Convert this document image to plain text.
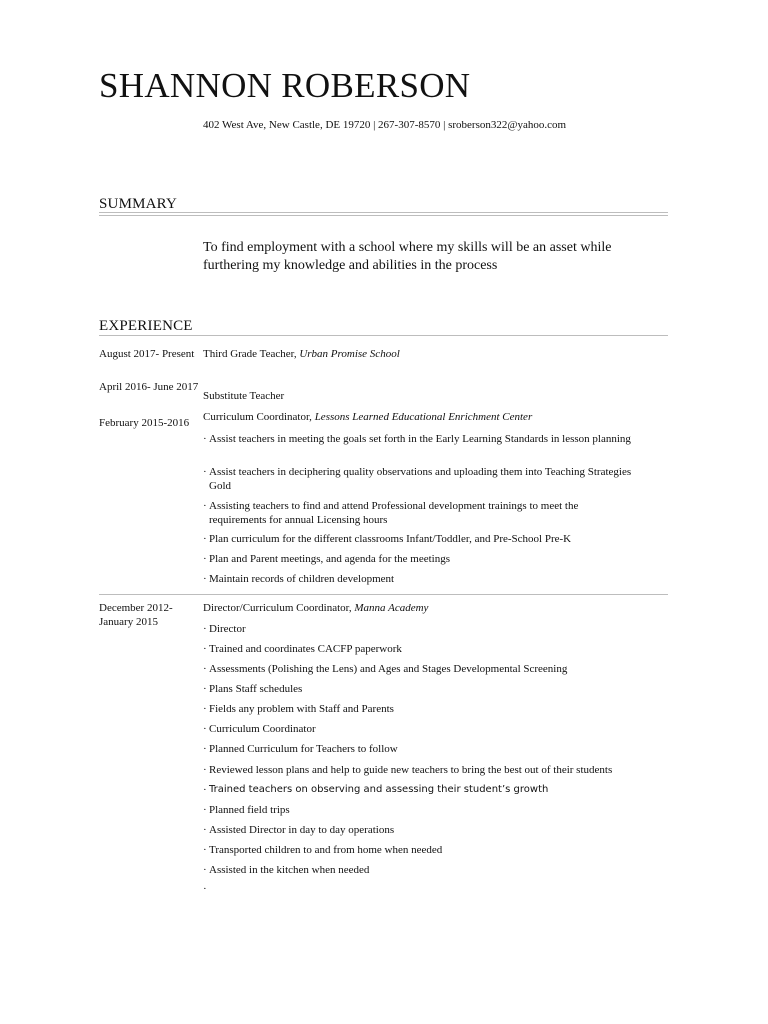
SHANNON ROBERSON
402 West Ave, New Castle, DE 19720 | 267-307-8570 | sroberson322@yahoo.com
SUMMARY
To find employment with a school where my skills will be an asset while furthering my knowledge and abilities in the process
EXPERIENCE
August 2017- Present Third Grade Teacher, Urban Promise School
April 2016- June 2017
Substitute Teacher
Curriculum Coordinator, Lessons Learned Educational Enrichment Center
February 2015-2016
· Assist teachers in meeting the goals set forth in the Early Learning Standards in lesson planning
· Assist teachers in deciphering quality observations and uploading them into Teaching Strategies Gold
· Assisting teachers to find and attend Professional development trainings to meet the requirements for annual Licensing hours
· Plan curriculum for the different classrooms Infant/Toddler, and Pre-School Pre-K
· Plan and Parent meetings, and agenda for the meetings
· Maintain records of children development
December 2012- January 2015
Director/Curriculum Coordinator, Manna Academy
· Director
· Trained and coordinates CACFP paperwork
· Assessments (Polishing the Lens) and Ages and Stages Developmental Screening
· Plans Staff schedules
· Fields any problem with Staff and Parents
· Curriculum Coordinator
· Planned Curriculum for Teachers to follow
· Reviewed lesson plans and help to guide new teachers to bring the best out of their students
· Trained teachers on observing and assessing their student’s growth
· Planned field trips
· Assisted Director in day to day operations
· Transported children to and from home when needed
· Assisted in the kitchen when needed
·
